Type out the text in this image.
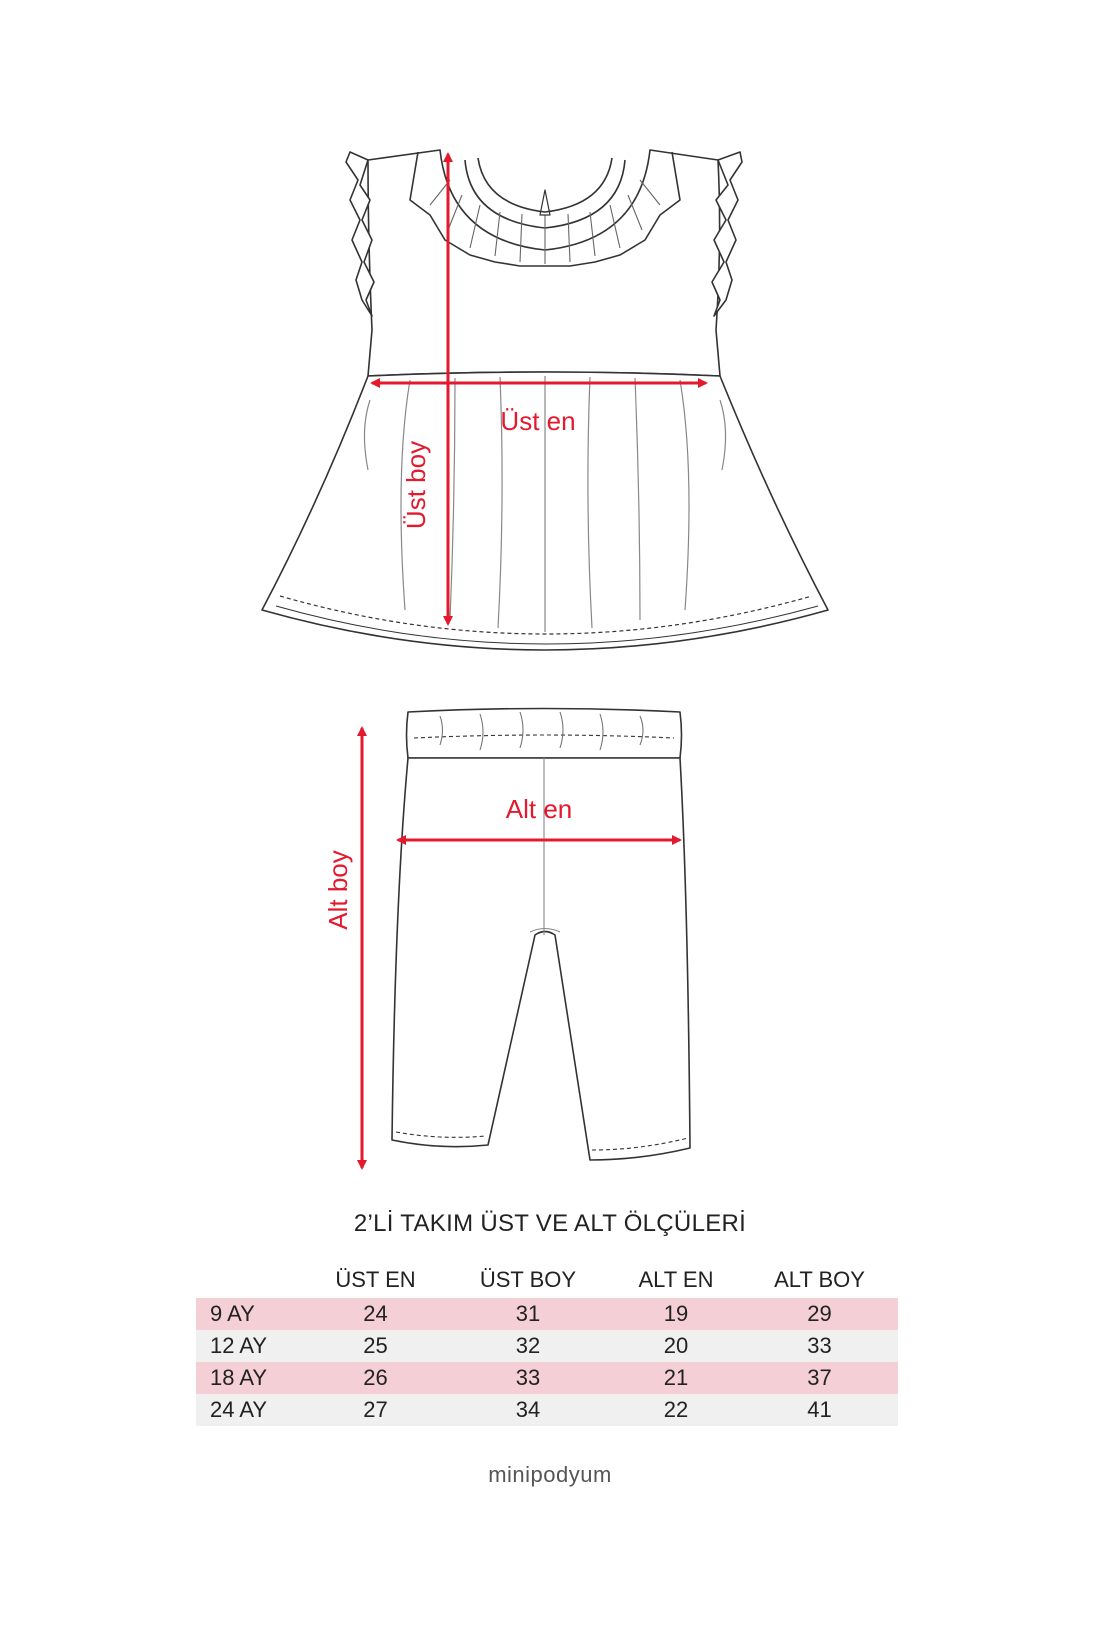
Üst en
Üst boy
Alt en
Alt boy
2’Lİ TAKIM ÜST VE ALT ÖLÇÜLERİ
	ÜST EN	ÜST BOY	ALT EN	ALT BOY
9 AY	24	31	19	29
12 AY	25	32	20	33
18 AY	26	33	21	37
24 AY	27	34	22	41
minipodyum
